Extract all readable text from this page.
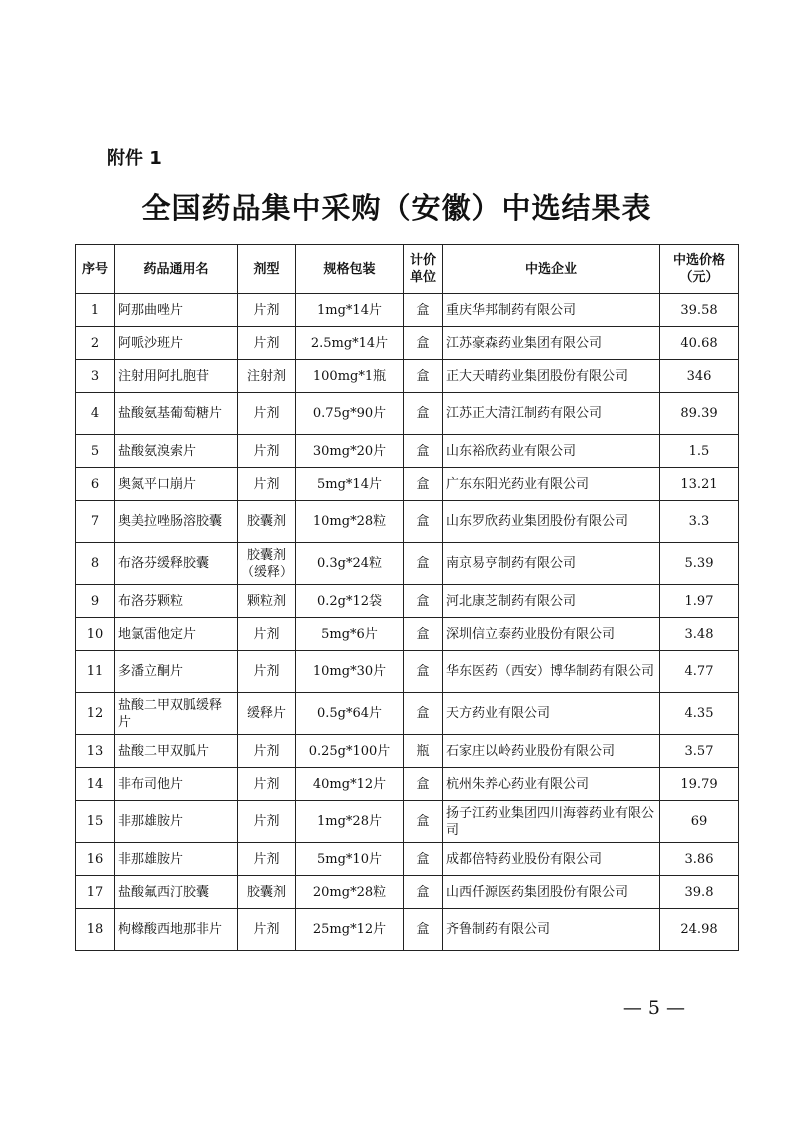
附件 1
全国药品集中采购（安徽）中选结果表
序号	药品通用名	剂型	规格包装	计价单位	中选企业	中选价格（元）
1	阿那曲唑片	片剂	1mg*14片	盒	重庆华邦制药有限公司	39.58
2	阿哌沙班片	片剂	2.5mg*14片	盒	江苏豪森药业集团有限公司	40.68
3	注射用阿扎胞苷	注射剂	100mg*1瓶	盒	正大天晴药业集团股份有限公司	346
4	盐酸氨基葡萄糖片	片剂	0.75g*90片	盒	江苏正大清江制药有限公司	89.39
5	盐酸氨溴索片	片剂	30mg*20片	盒	山东裕欣药业有限公司	1.5
6	奥氮平口崩片	片剂	5mg*14片	盒	广东东阳光药业有限公司	13.21
7	奥美拉唑肠溶胶囊	胶囊剂	10mg*28粒	盒	山东罗欣药业集团股份有限公司	3.3
8	布洛芬缓释胶囊	胶囊剂（缓释）	0.3g*24粒	盒	南京易亨制药有限公司	5.39
9	布洛芬颗粒	颗粒剂	0.2g*12袋	盒	河北康芝制药有限公司	1.97
10	地氯雷他定片	片剂	5mg*6片	盒	深圳信立泰药业股份有限公司	3.48
11	多潘立酮片	片剂	10mg*30片	盒	华东医药（西安）博华制药有限公司	4.77
12	盐酸二甲双胍缓释片	缓释片	0.5g*64片	盒	天方药业有限公司	4.35
13	盐酸二甲双胍片	片剂	0.25g*100片	瓶	石家庄以岭药业股份有限公司	3.57
14	非布司他片	片剂	40mg*12片	盒	杭州朱养心药业有限公司	19.79
15	非那雄胺片	片剂	1mg*28片	盒	扬子江药业集团四川海蓉药业有限公司	69
16	非那雄胺片	片剂	5mg*10片	盒	成都倍特药业股份有限公司	3.86
17	盐酸氟西汀胶囊	胶囊剂	20mg*28粒	盒	山西仟源医药集团股份有限公司	39.8
18	枸橼酸西地那非片	片剂	25mg*12片	盒	齐鲁制药有限公司	24.98
— 5 —
